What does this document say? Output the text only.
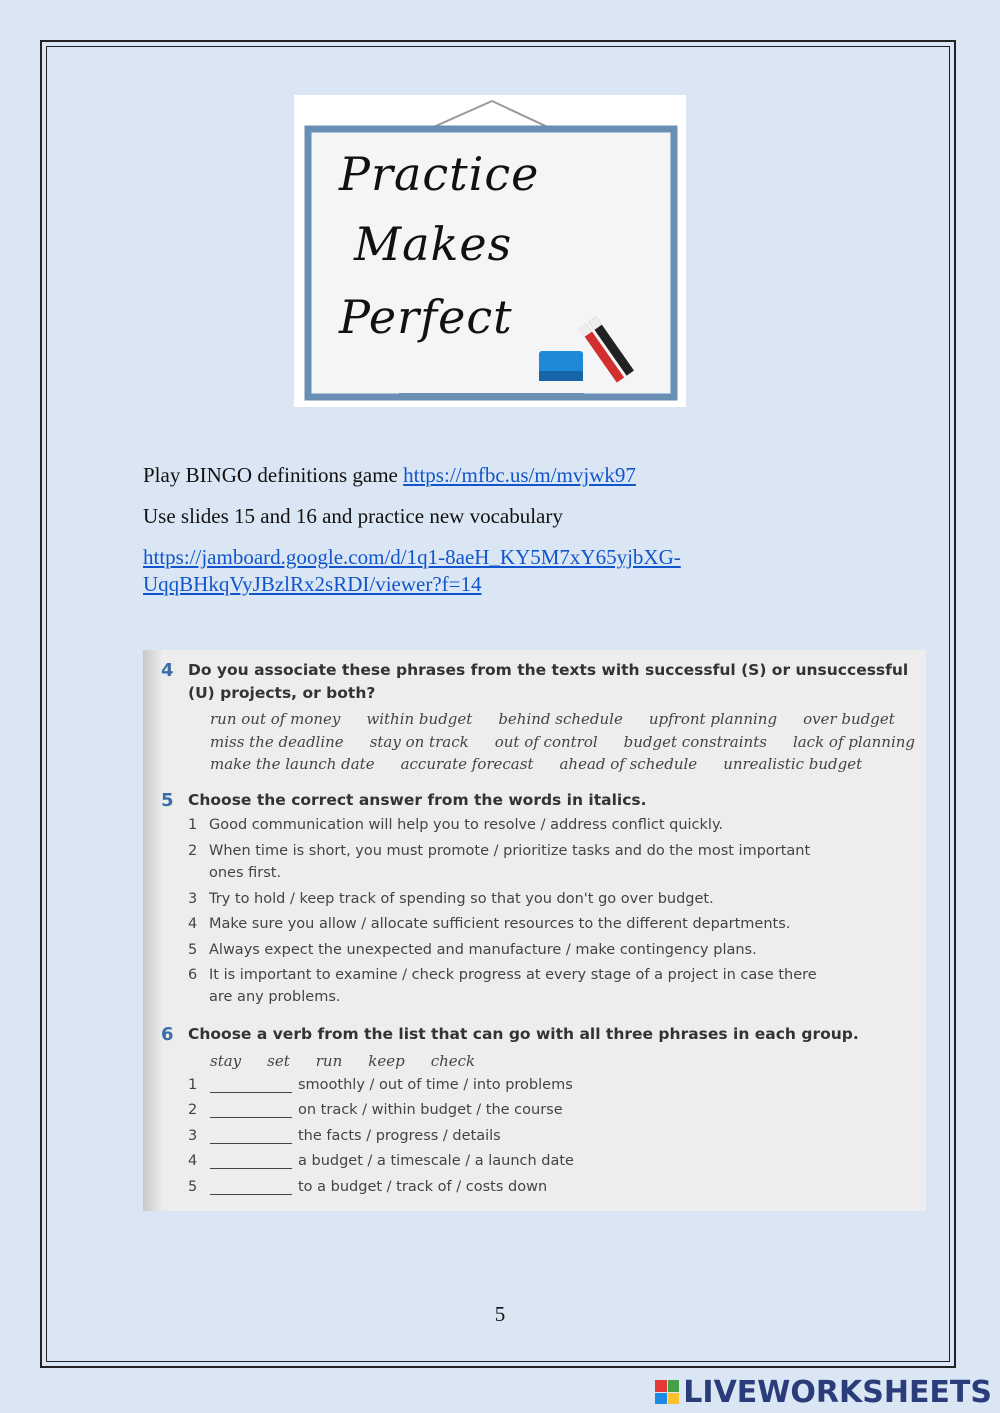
Practice
Makes
Perfect
Play BINGO definitions game https://mfbc.us/m/mvjwk97
Use slides 15 and 16 and practice new vocabulary
https://jamboard.google.com/d/1q1-8aeH_KY5M7xY65yjbXG-
UqqBHkqVyJBzlRx2sRDI/viewer?f=14
4 Do you associate these phrases from the texts with successful (S) or unsuccessful
(U) projects, or both?
run out of money within budget behind schedule upfront planning over budget
miss the deadline stay on track out of control budget constraints lack of planning
make the launch date accurate forecast ahead of schedule unrealistic budget
5 Choose the correct answer from the words in italics.
1 Good communication will help you to resolve / address conflict quickly.
2 When time is short, you must promote / prioritize tasks and do the most important
ones first.
3 Try to hold / keep track of spending so that you don't go over budget.
4 Make sure you allow / allocate sufficient resources to the different departments.
5 Always expect the unexpected and manufacture / make contingency plans.
6 It is important to examine / check progress at every stage of a project in case there
are any problems.
6 Choose a verb from the list that can go with all three phrases in each group.
stay set run keep check
1	smoothly / out of time / into problems
2	on track / within budget / the course
3	the facts / progress / details
4	a budget / a timescale / a launch date
5	to a budget / track of / costs down
5
LIVEWORKSHEETS
